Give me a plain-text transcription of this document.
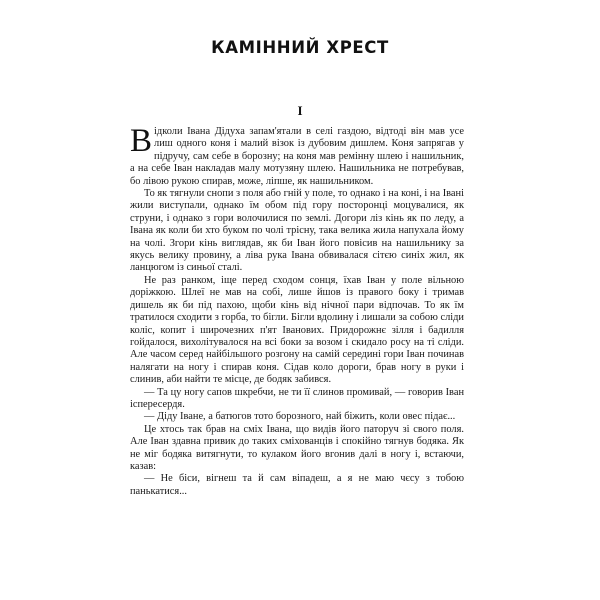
КАМІННИЙ ХРЕСТ
I

Відколи Івана Дідуха запам'ятали в селі газдою, відтоді він мав усе лиш одного коня і малий візок із дубовим дишлем. Коня запрягав у підручу, сам себе в борозну; на коня мав ремінну шлею і нашильник, а на себе Іван накладав малу мотузяну шлею. Нашильника не потребував, бо лівою рукою спирав, може, ліпше, як нашильником.

То як тягнули снопи з поля або гній у поле, то однако і на коні, і на Івані жили виступали, однако їм обом під гору посторонці моцувалися, як струни, і однако з гори волочилися по землі. Догори ліз кінь як по леду, а Івана як коли би хто буком по чолі трісну, така велика жила напухала йому на чолі. Згори кінь виглядав, як би Іван його повісив на нашильнику за якусь велику провину, а ліва рука Івана обвивалася сітєю синіх жил, як ланцюгом із синьої сталі.

Не раз ранком, іще перед сходом сонця, їхав Іван у поле вільною доріжкою. Шлеї не мав на собі, лише йшов із правого боку і тримав дишель як би під пахою, щоби кінь від нічної пари відпочав. То як їм тратилося сходити з горба, то бігли. Бігли вдолину і лишали за собою сліди коліс, копит і широчезних п'ят Іванових. Придорожнє зілля і бадилля гойдалося, вихолітувалося на всі боки за возом і скидало росу на ті сліди. Але часом серед найбільшого розгону на самій середині гори Іван починав налягати на ногу і спирав коня. Сідав коло дороги, брав ногу в руки і слинив, аби найти те місце, де бодяк забився.

— Та цу ногу сапов шкребчи, не ти її слинов промивай, — говорив Іван іспересердя.

— Діду Іване, а батюгов тото борозного, най біжить, коли овес підає...

Це хтось так брав на сміх Івана, що видів його паторуч зі свого поля. Але Іван здавна привик до таких сміхованців і спокійно тягнув бодяка. Як не міг бодяка витягнути, то кулаком його вгонив далі в ногу і, встаючи, казав:

— Не біси, вігнеш та й сам віпадеш, а я не маю чєсу з тобою панькатися...
